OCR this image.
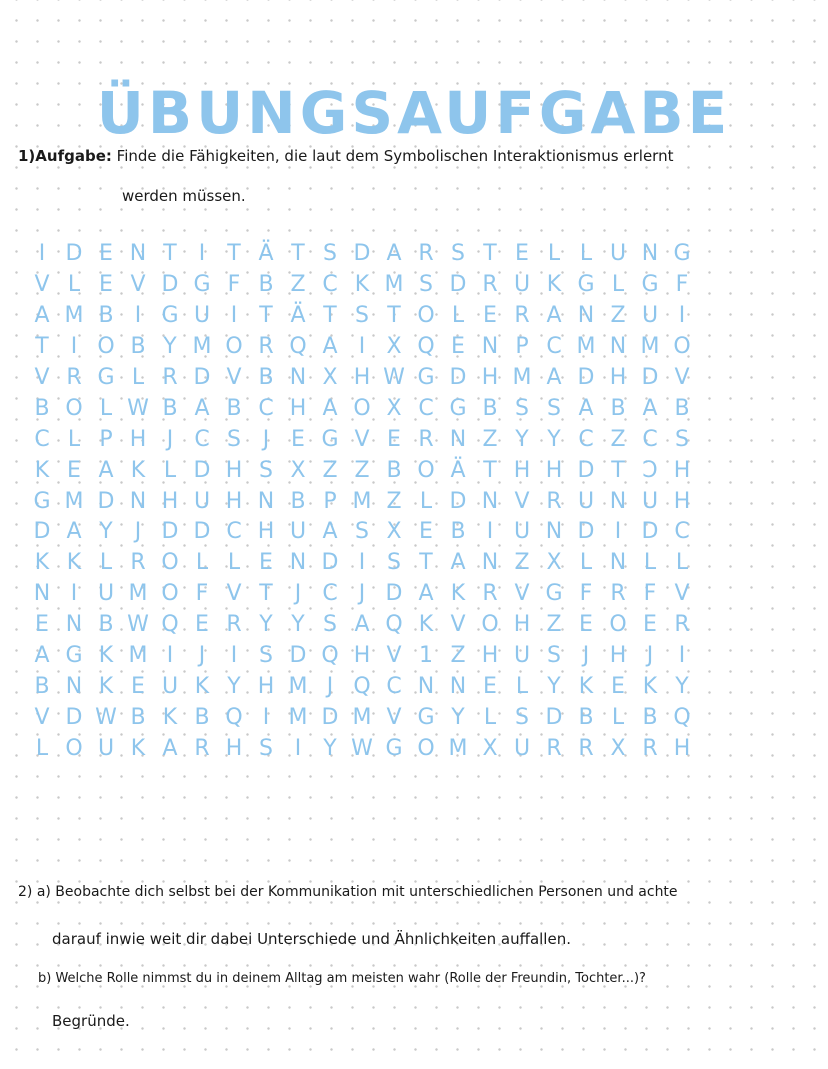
ÜBUNGSAUFGABE

1)Aufgabe: Finde die Fähigkeiten, die laut dem Symbolischen Interaktionismus erlernt

werden müssen.

I D E N T	I	T Ä T S D A R S T E L L U N G
V L E V D G F B Z C K M S D R U K G L G F
A M B I G U I	T Ä T S T O L E R A N Z U I
T	I O B Y M O R Q A I X Q E N P C M N M O
V R G L R D V B N X H W G D H M A D H D V
B O L W B A B C H A O X C G B S S A B A B
C L P H J C S J E G V E R N Z Y Y C Z C S
K E A K L D H S X Z Z B O Ä T H H D T Ɔ H
G M D N H U H N B P M Z L D N V R U N U H
D A Y	J D D C H U A S X E B I U N D I D C
K K L R O L L E N D I S T A N Z X L N L L
N I U M O F V T	J C J D A K R V G F R F V
E N B W Q E R Y Y S A Q K V O H Z E O E R
A G K M I	J	I S D Q H V 1 Z H U S J H J	I
B N K E U K Y H M J Q C N N E L Y K E K Y
V D W B K B Q I M D M V G Y L S D B L B Q
L O U K A R H S I	Y W G O M X U R R X R H

2) a) Beobachte dich selbst bei der Kommunikation mit unterschiedlichen Personen und achte

darauf inwie weit dir dabei Unterschiede und Ähnlichkeiten auffallen.

b) Welche Rolle nimmst du in deinem Alltag am meisten wahr (Rolle der Freundin, Tochter...)?

Begründe.
